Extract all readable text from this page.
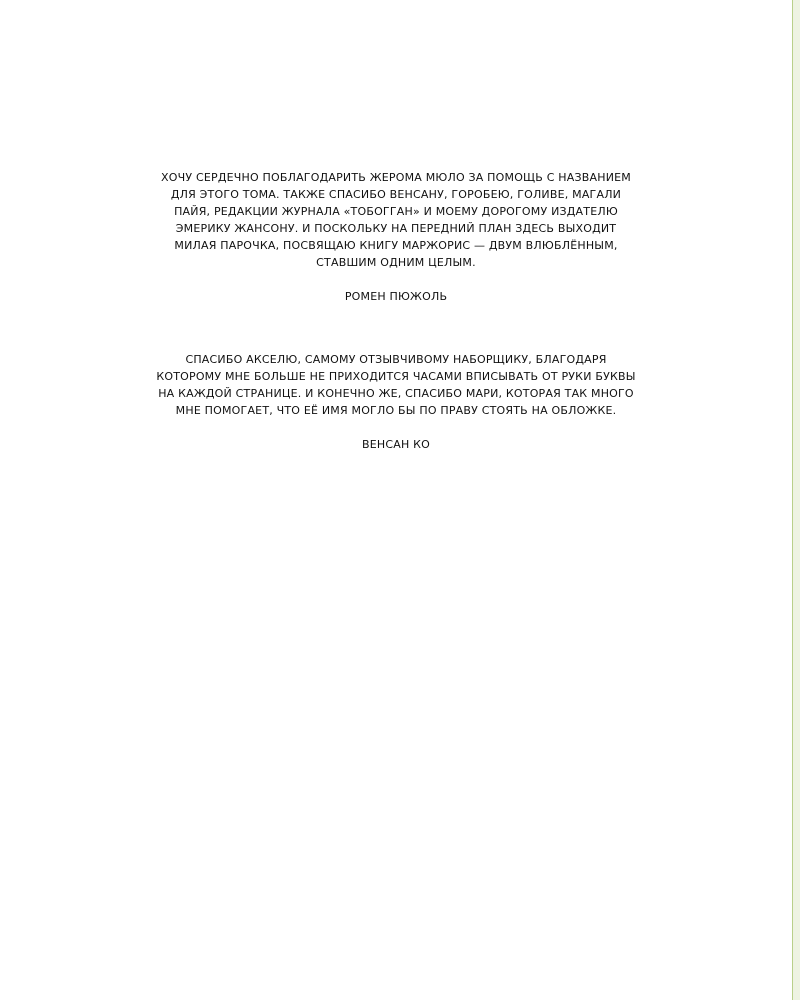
ХОЧУ СЕРДЕЧНО ПОБЛАГОДАРИТЬ ЖЕРОМА МЮЛО ЗА ПОМОЩЬ С НАЗВАНИЕМ

ДЛЯ ЭТОГО ТОМА. ТАКЖЕ СПАСИБО ВЕНСАНУ, ГОРОБЕЮ, ГОЛИВЕ, МАГАЛИ

ПАЙЯ, РЕДАКЦИИ ЖУРНАЛА «ТОБОГГАН» И МОЕМУ ДОРОГОМУ ИЗДАТЕЛЮ

ЭМЕРИКУ ЖАНСОНУ. И ПОСКОЛЬКУ НА ПЕРЕДНИЙ ПЛАН ЗДЕСЬ ВЫХОДИТ

МИЛАЯ ПАРОЧКА, ПОСВЯЩАЮ КНИГУ МАРЖОРИС — ДВУМ ВЛЮБЛЁННЫМ,

СТАВШИМ ОДНИМ ЦЕЛЫМ.

РОМЕН ПЮЖОЛЬ

СПАСИБО АКСЕЛЮ, САМОМУ ОТЗЫВЧИВОМУ НАБОРЩИКУ, БЛАГОДАРЯ

КОТОРОМУ МНЕ БОЛЬШЕ НЕ ПРИХОДИТСЯ ЧАСАМИ ВПИСЫВАТЬ ОТ РУКИ БУКВЫ

НА КАЖДОЙ СТРАНИЦЕ. И КОНЕЧНО ЖЕ, СПАСИБО МАРИ, КОТОРАЯ ТАК МНОГО

МНЕ ПОМОГАЕТ, ЧТО ЕЁ ИМЯ МОГЛО БЫ ПО ПРАВУ СТОЯТЬ НА ОБЛОЖКЕ.

ВЕНСАН КО
